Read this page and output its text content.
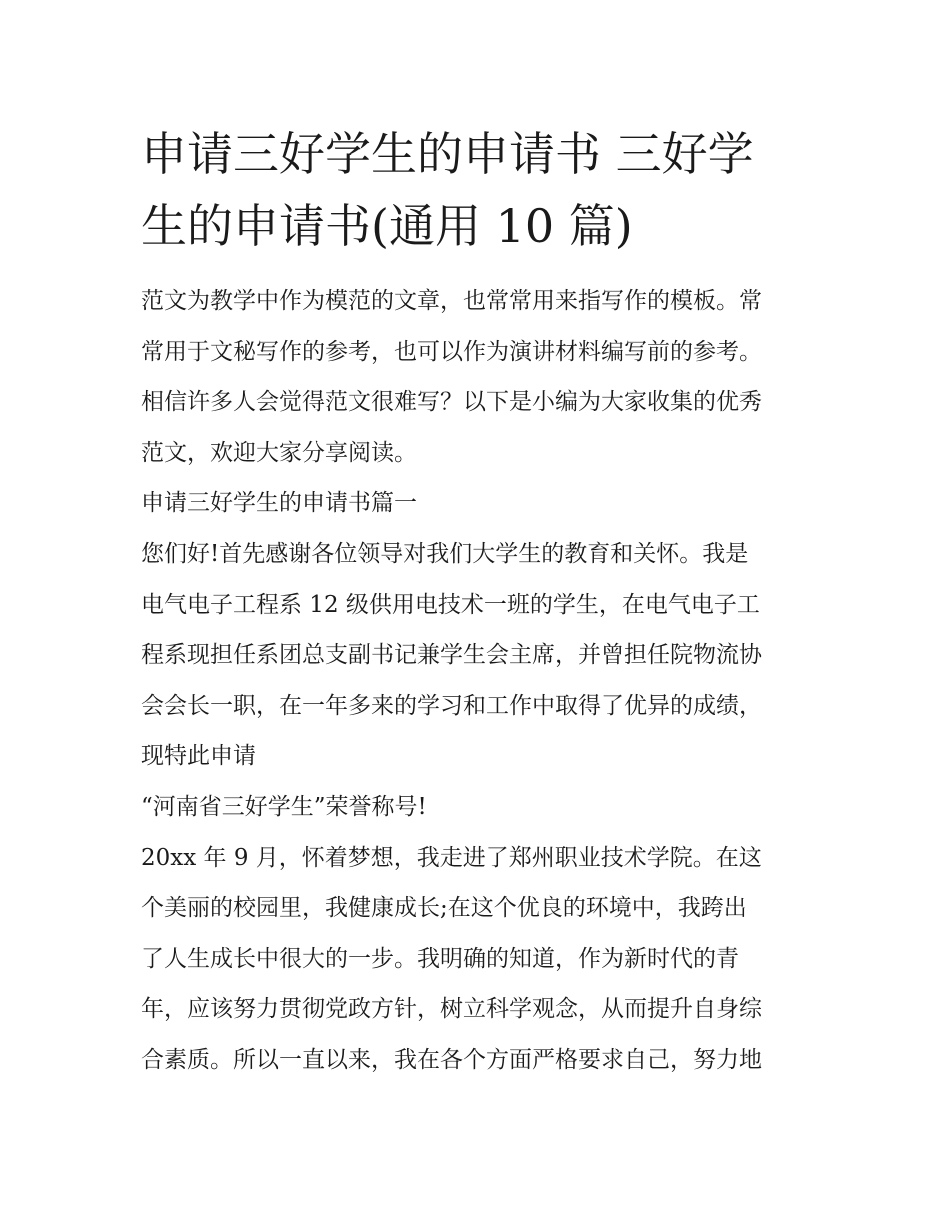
申请三好学生的申请书 三好学
生的申请书(通用 10 篇)

范文为教学中作为模范的文章，也常常用来指写作的模板。常

常用于文秘写作的参考，也可以作为演讲材料编写前的参考。

相信许多人会觉得范文很难写？以下是小编为大家收集的优秀

范文，欢迎大家分享阅读。

申请三好学生的申请书篇一

您们好!首先感谢各位领导对我们大学生的教育和关怀。我是

电气电子工程系 12 级供用电技术一班的学生，在电气电子工

程系现担任系团总支副书记兼学生会主席，并曾担任院物流协

会会长一职，在一年多来的学习和工作中取得了优异的成绩，

现特此申请

“河南省三好学生”荣誉称号!

20xx 年 9 月，怀着梦想，我走进了郑州职业技术学院。在这

个美丽的校园里，我健康成长;在这个优良的环境中，我跨出

了人生成长中很大的一步。我明确的知道，作为新时代的青

年，应该努力贯彻党政方针，树立科学观念，从而提升自身综

合素质。所以一直以来，我在各个方面严格要求自己，努力地
